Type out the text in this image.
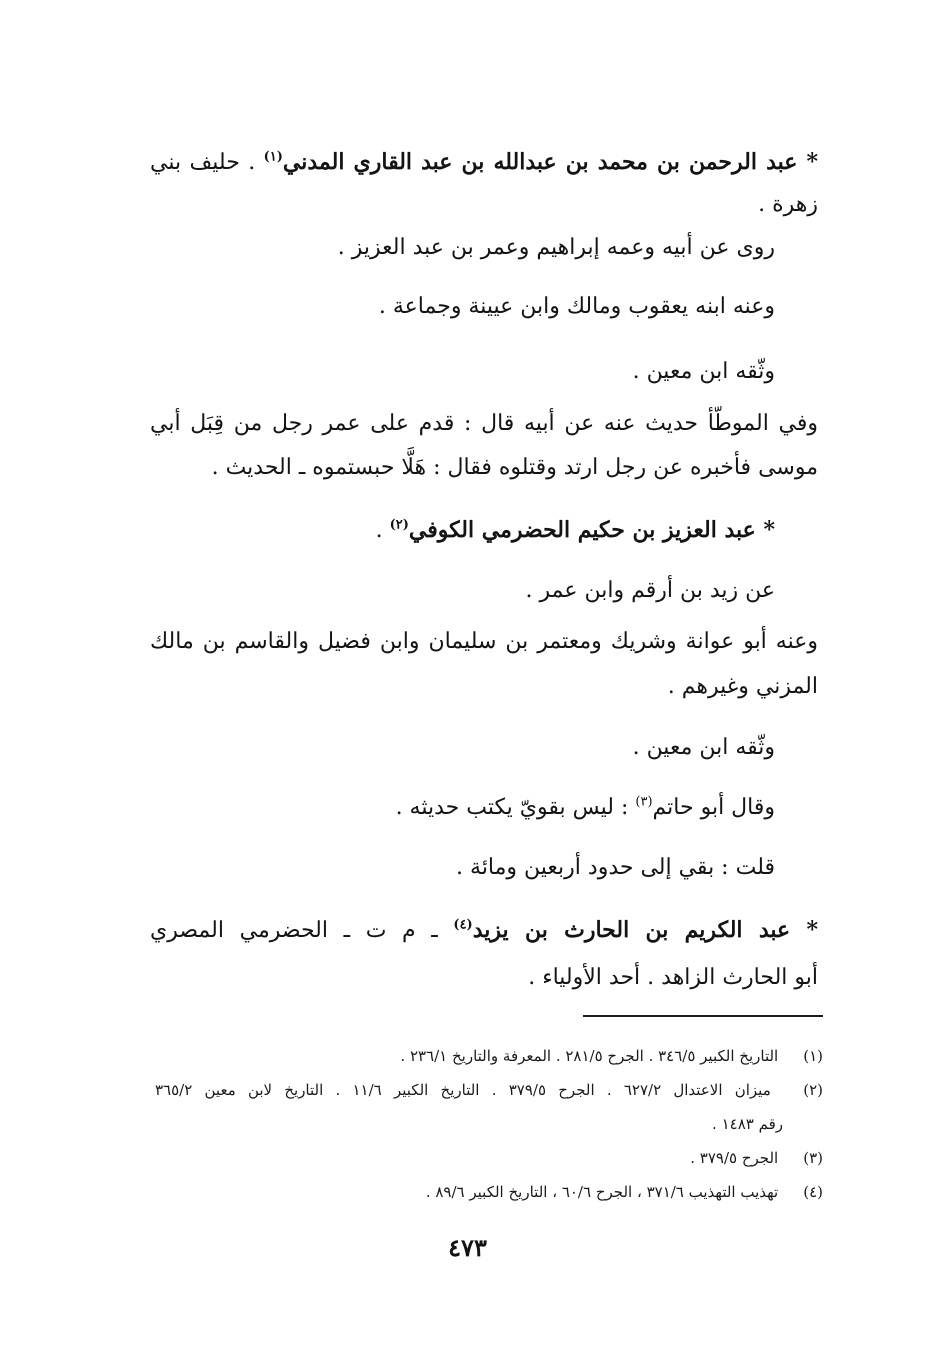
* عبد الرحمن بن محمد بن عبدالله بن عبد القاري المدني$^{(١)}$ . حليف بني
زهرة .
روى عن أبيه وعمه إبراهيم وعمر بن عبد العزيز .
وعنه ابنه يعقوب ومالك وابن عيينة وجماعة .
وثّقه ابن معين .
وفي الموطّأ حديث عنه عن أبيه قال : قدم على عمر رجل من قِبَل أبي
موسى فأخبره عن رجل ارتد وقتلوه فقال : هَلَّا حبستموه ـ الحديث .
* عبد العزيز بن حكيم الحضرمي الكوفي$^{(٢)}$ .
عن زيد بن أرقم وابن عمر .
وعنه أبو عوانة وشريك ومعتمر بن سليمان وابن فضيل والقاسم بن مالك
المزني وغيرهم .
وثّقه ابن معين .
وقال أبو حاتم$^{(٣)}$ : ليس بقويّ يكتب حديثه .
قلت : بقي إلى حدود أربعين ومائة .
* عبد الكريم بن الحارث بن يزيد$^{(٤)}$ ـ م ت ـ الحضرمي المصري
أبو الحارث الزاهد . أحد الأولياء .
(١) التاريخ الكبير ٣٤٦/٥ . الجرح ٢٨١/٥ . المعرفة والتاريخ ٢٣٦/١ .
(٢) ميزان الاعتدال ٦٢٧/٢ . الجرح ٣٧٩/٥ . التاريخ الكبير ١١/٦ . التاريخ لابن معين ٣٦٥/٢
رقم ١٤٨٣ .
(٣) الجرح ٣٧٩/٥ .
(٤) تهذيب التهذيب ٣٧١/٦ ، الجرح ٦٠/٦ ، التاريخ الكبير ٨٩/٦ .
٤٧٣
